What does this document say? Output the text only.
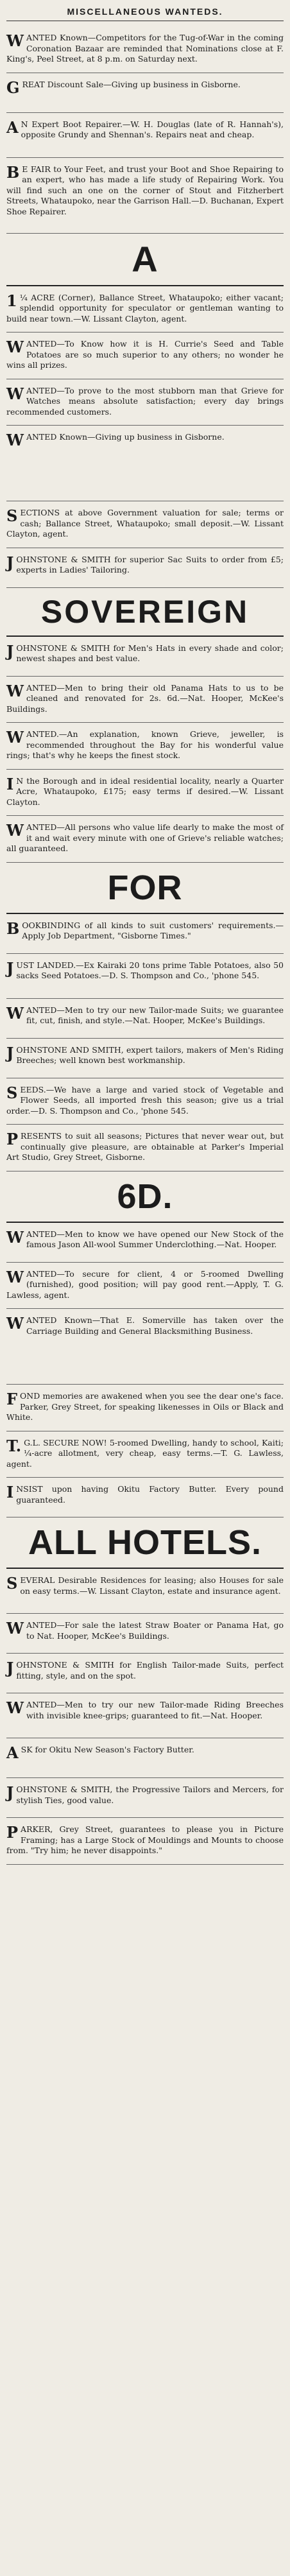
MISCELLANEOUS WANTEDS.
WANTED Known—Competitors for the Tug-of-War in the coming Coronation Bazaar are reminded that Nominations close at F. King's, Peel Street, at 8 p.m. on Saturday next.
GREAT Discount Sale—Giving up business in Gisborne.
AN Expert Boot Repairer.—W. H. Douglas (late of R. Hannah's), opposite Grundy and Shennan's. Repairs neat and cheap.
BE FAIR to Your Feet, and trust your Boot and Shoe Repairing to an expert, who has made a life study of Repairing Work. You will find such an one on the corner of Stout and Fitzherbert Streets, Whataupoko, near the Garrison Hall.—D. Buchanan, Expert Shoe Repairer.
A
1¼ ACRE (Corner), Ballance Street, Whataupoko; either vacant; splendid opportunity for speculator or gentleman wanting to build near town.—W. Lissant Clayton, agent.
WANTED—To Know how it is H. Currie's Seed and Table Potatoes are so much superior to any others; no wonder he wins all prizes.
WANTED—To prove to the most stubborn man that Grieve for Watches means absolute satisfaction; every day brings recommended customers.
WANTED Known—Giving up business in Gisborne.
SECTIONS at above Government valuation for sale; terms or cash; Ballance Street, Whataupoko; small deposit.—W. Lissant Clayton, agent.
JOHNSTONE & SMITH for superior Sac Suits to order from £5; experts in Ladies' Tailoring.
SOVEREIGN
JOHNSTONE & SMITH for Men's Hats in every shade and color; newest shapes and best value.
WANTED—Men to bring their old Panama Hats to us to be cleaned and renovated for 2s. 6d.—Nat. Hooper, McKee's Buildings.
WANTED.—An explanation, known Grieve, jeweller, is recommended throughout the Bay for his wonderful value rings; that's why he keeps the finest stock.
IN the Borough and in ideal residential locality, nearly a Quarter Acre, Whataupoko, £175; easy terms if desired.—W. Lissant Clayton.
WANTED—All persons who value life dearly to make the most of it and wait every minute with one of Grieve's reliable watches; all guaranteed.
FOR
BOOKBINDING of all kinds to suit customers' requirements.—Apply Job Department, "Gisborne Times."
JUST LANDED.—Ex Kairaki 20 tons prime Table Potatoes, also 50 sacks Seed Potatoes.—D. S. Thompson and Co., 'phone 545.
WANTED—Men to try our new Tailor-made Suits; we guarantee fit, cut, finish, and style.—Nat. Hooper, McKee's Buildings.
JOHNSTONE AND SMITH, expert tailors, makers of Men's Riding Breeches; well known best workmanship.
SEEDS.—We have a large and varied stock of Vegetable and Flower Seeds, all imported fresh this season; give us a trial order.—D. S. Thompson and Co., 'phone 545.
PRESENTS to suit all seasons; Pictures that never wear out, but continually give pleasure, are obtainable at Parker's Imperial Art Studio, Grey Street, Gisborne.
6D.
WANTED—Men to know we have opened our New Stock of the famous Jason All-wool Summer Underclothing.—Nat. Hooper.
WANTED—To secure for client, 4 or 5-roomed Dwelling (furnished), good position; will pay good rent.—Apply, T. G. Lawless, agent.
WANTED Known—That E. Somerville has taken over the Carriage Building and General Blacksmithing Business.
FOND memories are awakened when you see the dear one's face. Parker, Grey Street, for speaking likenesses in Oils or Black and White.
T.G.L. SECURE NOW! 5-roomed Dwelling, handy to school, Kaiti; ¼-acre allotment, very cheap, easy terms.—T. G. Lawless, agent.
INSIST upon having Okitu Factory Butter. Every pound guaranteed.
ALL HOTELS.
SEVERAL Desirable Residences for leasing; also Houses for sale on easy terms.—W. Lissant Clayton, estate and insurance agent.
WANTED—For sale the latest Straw Boater or Panama Hat, go to Nat. Hooper, McKee's Buildings.
JOHNSTONE & SMITH for English Tailor-made Suits, perfect fitting, style, and on the spot.
WANTED—Men to try our new Tailor-made Riding Breeches with invisible knee-grips; guaranteed to fit.—Nat. Hooper.
ASK for Okitu New Season's Factory Butter.
JOHNSTONE & SMITH, the Progressive Tailors and Mercers, for stylish Ties, good value.
PARKER, Grey Street, guarantees to please you in Picture Framing; has a Large Stock of Mouldings and Mounts to choose from. "Try him; he never disappoints."
